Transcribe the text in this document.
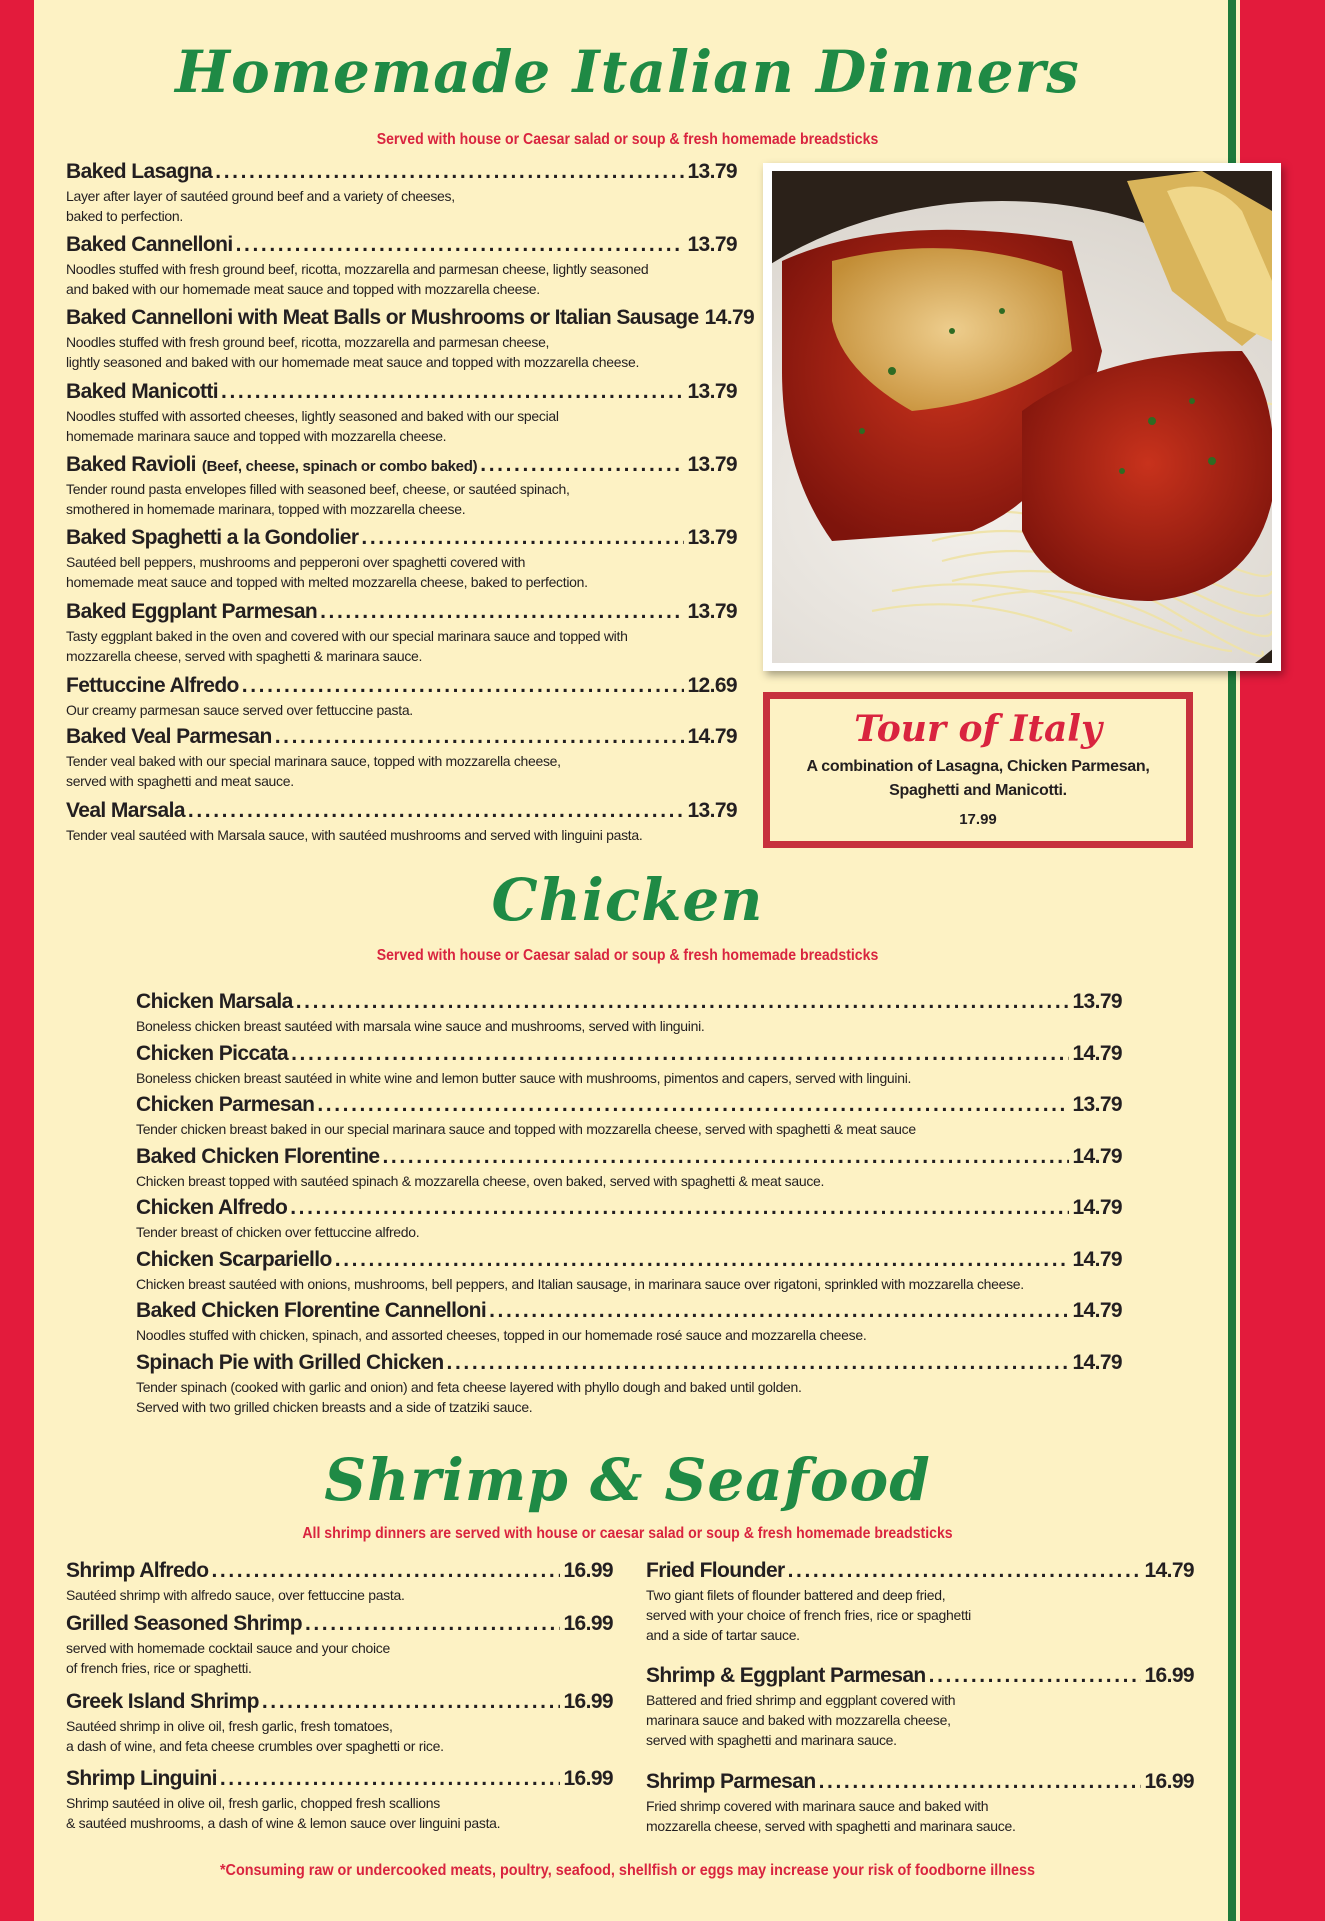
Homemade Italian Dinners
Served with house or Caesar salad or soup & fresh homemade breadsticks
Baked Lasagna .....	13.79
Layer after layer of sautéed ground beef and a variety of cheeses,
baked to perfection.
Baked Cannelloni .....	13.79
Noodles stuffed with fresh ground beef, ricotta, mozzarella and parmesan cheese, lightly seasoned
and baked with our homemade meat sauce and topped with mozzarella cheese.
Baked Cannelloni with Meat Balls or Mushrooms or Italian Sausage 14.79
Noodles stuffed with fresh ground beef, ricotta, mozzarella and parmesan cheese,
lightly seasoned and baked with our homemade meat sauce and topped with mozzarella cheese.
Baked Manicotti .....	13.79
Noodles stuffed with assorted cheeses, lightly seasoned and baked with our special
homemade marinara sauce and topped with mozzarella cheese.
Baked Ravioli (Beef, cheese, spinach or combo baked) .....	13.79
Tender round pasta envelopes filled with seasoned beef, cheese, or sautéed spinach,
smothered in homemade marinara, topped with mozzarella cheese.
Baked Spaghetti a la Gondolier .....	13.79
Sautéed bell peppers, mushrooms and pepperoni over spaghetti covered with
homemade meat sauce and topped with melted mozzarella cheese, baked to perfection.
Baked Eggplant Parmesan .....	13.79
Tasty eggplant baked in the oven and covered with our special marinara sauce and topped with
mozzarella cheese, served with spaghetti & marinara sauce.
Fettuccine Alfredo .....	12.69
Our creamy parmesan sauce served over fettuccine pasta.
Baked Veal Parmesan .....	14.79
Tender veal baked with our special marinara sauce, topped with mozzarella cheese,
served with spaghetti and meat sauce.
Veal Marsala .....	13.79
Tender veal sautéed with Marsala sauce, with sautéed mushrooms and served with linguini pasta.
Tour of Italy
A combination of Lasagna, Chicken Parmesan, Spaghetti and Manicotti.
17.99
Chicken
Served with house or Caesar salad or soup & fresh homemade breadsticks
Chicken Marsala .....	13.79
Boneless chicken breast sautéed with marsala wine sauce and mushrooms, served with linguini.
Chicken Piccata .....	14.79
Boneless chicken breast sautéed in white wine and lemon butter sauce with mushrooms, pimentos and capers, served with linguini.
Chicken Parmesan .....	13.79
Tender chicken breast baked in our special marinara sauce and topped with mozzarella cheese, served with spaghetti & meat sauce
Baked Chicken Florentine .....	14.79
Chicken breast topped with sautéed spinach & mozzarella cheese, oven baked, served with spaghetti & meat sauce.
Chicken Alfredo .....	14.79
Tender breast of chicken over fettuccine alfredo.
Chicken Scarpariello .....	14.79
Chicken breast sautéed with onions, mushrooms, bell peppers, and Italian sausage, in marinara sauce over rigatoni, sprinkled with mozzarella cheese.
Baked Chicken Florentine Cannelloni .....	14.79
Noodles stuffed with chicken, spinach, and assorted cheeses, topped in our homemade rosé sauce and mozzarella cheese.
Spinach Pie with Grilled Chicken .....	14.79
Tender spinach (cooked with garlic and onion) and feta cheese layered with phyllo dough and baked until golden.
Served with two grilled chicken breasts and a side of tzatziki sauce.
Shrimp & Seafood
All shrimp dinners are served with house or caesar salad or soup & fresh homemade breadsticks
Shrimp Alfredo .....	16.99
Sautéed shrimp with alfredo sauce, over fettuccine pasta.
Grilled Seasoned Shrimp .....	16.99
served with homemade cocktail sauce and your choice
of french fries, rice or spaghetti.
Greek Island Shrimp .....	16.99
Sautéed shrimp in olive oil, fresh garlic, fresh tomatoes,
a dash of wine, and feta cheese crumbles over spaghetti or rice.
Shrimp Linguini .....	16.99
Shrimp sautéed in olive oil, fresh garlic, chopped fresh scallions
& sautéed mushrooms, a dash of wine & lemon sauce over linguini pasta.
Fried Flounder .....	14.79
Two giant filets of flounder battered and deep fried,
served with your choice of french fries, rice or spaghetti
and a side of tartar sauce.
Shrimp & Eggplant Parmesan .....	16.99
Battered and fried shrimp and eggplant covered with
marinara sauce and baked with mozzarella cheese,
served with spaghetti and marinara sauce.
Shrimp Parmesan .....	16.99
Fried shrimp covered with marinara sauce and baked with
mozzarella cheese, served with spaghetti and marinara sauce.
*Consuming raw or undercooked meats, poultry, seafood, shellfish or eggs may increase your risk of foodborne illness
